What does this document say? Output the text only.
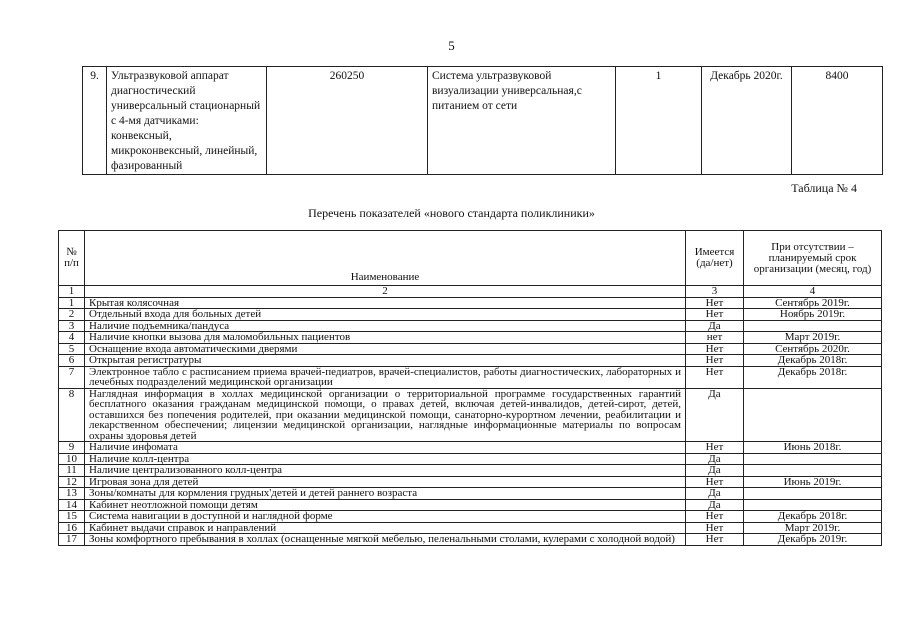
5
9.	Ультразвуковой аппарат диагностический универсальный стационарный с 4-мя датчиками: конвексный, микроконвексный, линейный, фазированный	260250	Система ультразвуковой визуализации универсальная,с питанием от сети	1	Декабрь 2020г.	8400
Таблица № 4
Перечень показателей «нового стандарта поликлиники»
№ п/п	Наименование	Имеется (да/нет)	При отсутствии – планируемый срок организации (месяц, год)
1	2	3	4
1	Крытая колясочная	Нет	Сентябрь 2019г.
2	Отдельный входа для больных детей	Нет	Ноябрь 2019г.
3	Наличие подъемника/пандуса	Да	
4	Наличие кнопки вызова для маломобильных пациентов	нет	Март 2019г.
5	Оснащение входа автоматическими дверями	Нет	Сентябрь 2020г.
6	Открытая регистратуры	Нет	Декабрь 2018г.
7	Электронное табло с расписанием приема врачей-педиатров, врачей-специалистов, работы диагностических, лабораторных и лечебных подразделений медицинской организации	Нет	Декабрь 2018г.
8	Наглядная информация в холлах медицинской организации о территориальной программе государственных гарантий бесплатного оказания гражданам медицинской помощи, о правах детей, включая детей-инвалидов, детей-сирот, детей, оставшихся без попечения родителей, при оказании медицинской помощи, санаторно-курортном лечении, реабилитации и лекарственном обеспечении; лицензии медицинской организации, наглядные информационные материалы по вопросам охраны здоровья детей	Да	
9	Наличие инфомата	Нет	Июнь 2018г.
10	Наличие колл-центра	Да	
11	Наличие централизованного колл-центра	Да	
12	Игровая зона для детей	Нет	Июнь 2019г.
13	Зоны/комнаты для кормления грудных'детей и детей раннего возраста	Да	
14	Кабинет неотложной помощи детям	Да	
15	Система навигации в доступной и наглядной форме	Нет	Декабрь 2018г.
16	Кабинет выдачи справок и направлений	Нет	Март 2019г.
17	Зоны комфортного пребывания в холлах (оснащенные мягкой мебелью, пеленальными столами, кулерами с холодной водой)	Нет	Декабрь 2019г.
